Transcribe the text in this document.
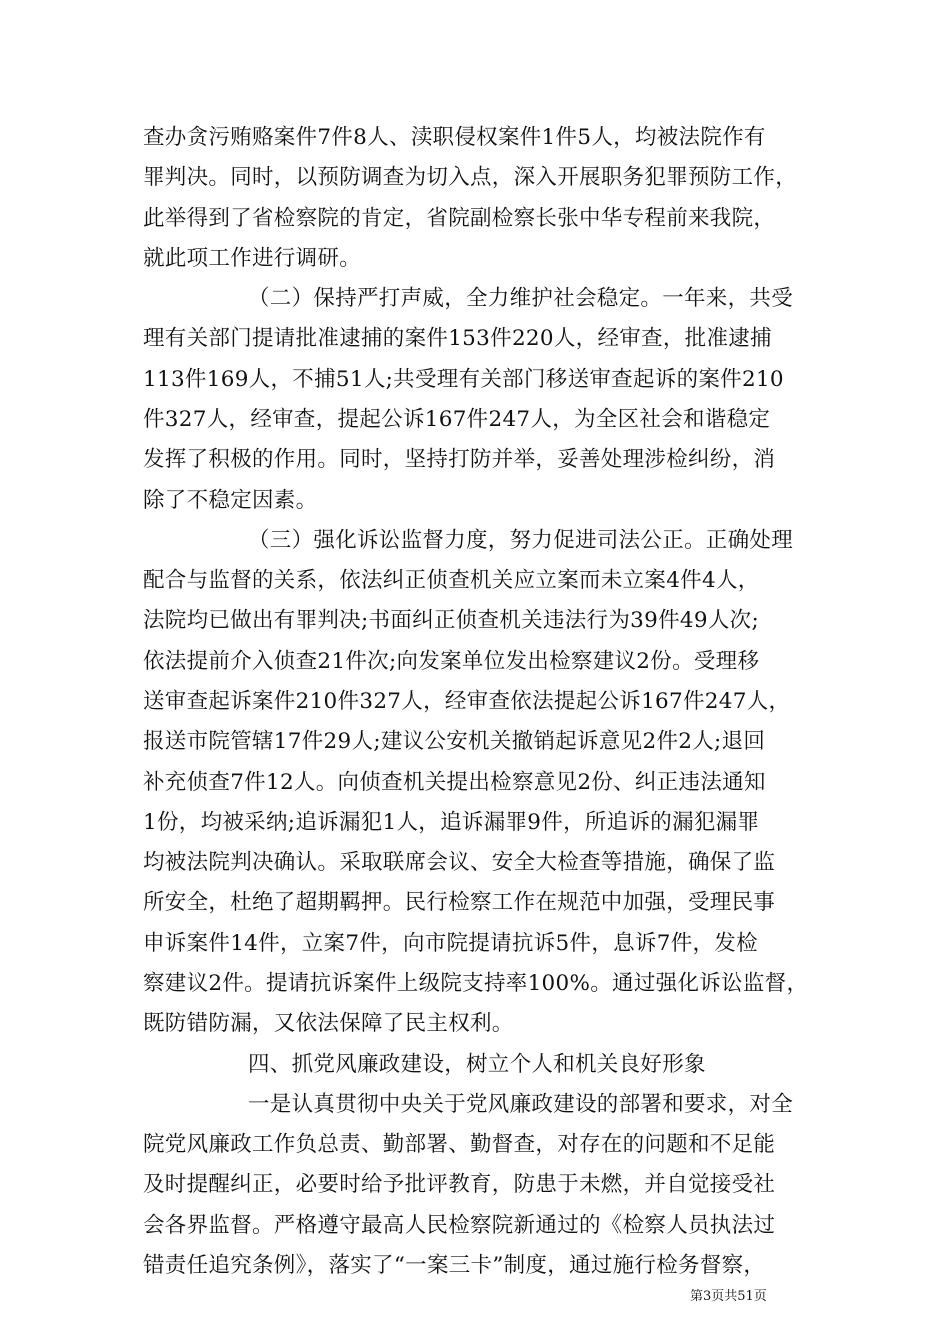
查办贪污贿赂案件7件8人、渎职侵权案件1件5人，均被法院作有
罪判决。同时，以预防调查为切入点，深入开展职务犯罪预防工作，
此举得到了省检察院的肯定，省院副检察长张中华专程前来我院，
就此项工作进行调研。
（二）保持严打声威，全力维护社会稳定。一年来，共受
理有关部门提请批准逮捕的案件153件220人，经审查，批准逮捕
113件169人，不捕51人;共受理有关部门移送审查起诉的案件210
件327人，经审查，提起公诉167件247人，为全区社会和谐稳定
发挥了积极的作用。同时，坚持打防并举，妥善处理涉检纠纷，消
除了不稳定因素。
（三）强化诉讼监督力度，努力促进司法公正。正确处理
配合与监督的关系，依法纠正侦查机关应立案而未立案4件4人，
法院均已做出有罪判决;书面纠正侦查机关违法行为39件49人次;
依法提前介入侦查21件次;向发案单位发出检察建议2份。受理移
送审查起诉案件210件327人，经审查依法提起公诉167件247人，
报送市院管辖17件29人;建议公安机关撤销起诉意见2件2人;退回
补充侦查7件12人。向侦查机关提出检察意见2份、纠正违法通知
1份，均被采纳;追诉漏犯1人，追诉漏罪9件，所追诉的漏犯漏罪
均被法院判决确认。采取联席会议、安全大检查等措施，确保了监
所安全，杜绝了超期羁押。民行检察工作在规范中加强，受理民事
申诉案件14件，立案7件，向市院提请抗诉5件，息诉7件，发检
察建议2件。提请抗诉案件上级院支持率100%。通过强化诉讼监督，
既防错防漏，又依法保障了民主权利。
四、抓党风廉政建设，树立个人和机关良好形象
一是认真贯彻中央关于党风廉政建设的部署和要求，对全
院党风廉政工作负总责、勤部署、勤督查，对存在的问题和不足能
及时提醒纠正，必要时给予批评教育，防患于未燃，并自觉接受社
会各界监督。严格遵守最高人民检察院新通过的《检察人员执法过
错责任追究条例》，落实了“一案三卡”制度，通过施行检务督察，
第3页共51页
